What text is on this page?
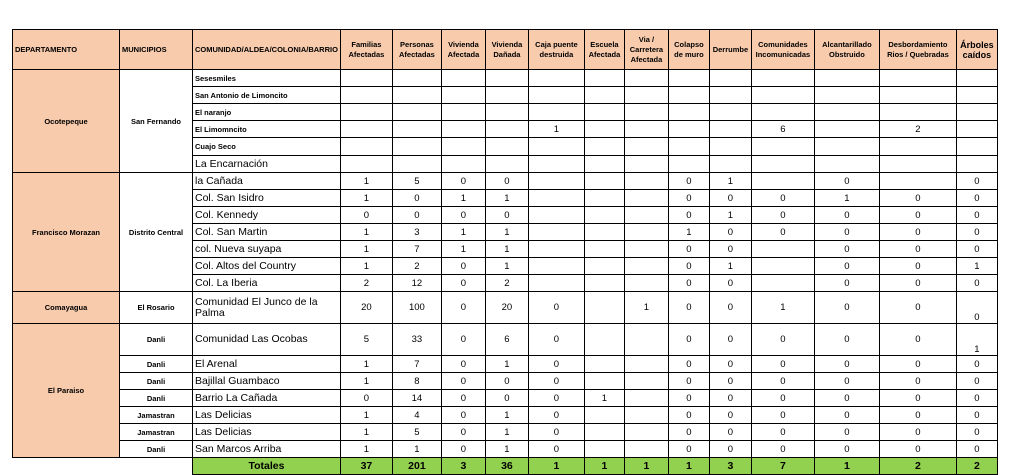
DEPARTAMENTO	MUNICIPIOS	COMUNIDAD/ALDEA/COLONIA/BARRIO	Familias Afectadas	Personas Afectadas	Vivienda Afectada	Vivienda Dañada	Caja puente destruida	Escuela Afectada	Via / Carretera Afectada	Colapso de muro	Derrumbe	Comunidades Incomunicadas	Alcantarillado Obstruido	Desbordamiento Rios / Quebradas	Árboles caídos
Ocotepeque	San Fernando	Sesesmiles													
		San Antonio de Limoncito													
		El naranjo													
		El Limomncito					1					6		2	
		Cuajo Seco													
		La Encarnación													
Francisco Morazan	Distrito Central	la Cañada	1	5	0	0				0	1		0		0
		Col. San Isidro	1	0	1	1				0	0	0	1	0	0
		Col. Kennedy	0	0	0	0				0	1	0	0	0	0
		Col. San Martin	1	3	1	1				1	0	0	0	0	0
		col. Nueva suyapa	1	7	1	1				0	0		0	0	0
		Col. Altos del Country	1	2	0	1				0	1		0	0	1
		Col. La Iberia	2	12	0	2				0	0		0	0	0
Comayagua	El Rosario	Comunidad El Junco de la Palma	20	100	0	20	0		1	0	0	1	0	0	0
El Paraiso	Danli	Comunidad Las Ocobas	5	33	0	6	0			0	0	0	0	0	1
	Danli	El Arenal	1	7	0	1	0			0	0	0	0	0	0
	Danli	Bajillal Guambaco	1	8	0	0	0			0	0	0	0	0	0
	Danli	Barrio La Cañada	0	14	0	0	0	1		0	0	0	0	0	0
	Jamastran	Las Delicias	1	4	0	1	0			0	0	0	0	0	0
	Jamastran	Las Delicias	1	5	0	1	0			0	0	0	0	0	0
	Danli	San Marcos Arriba	1	1	0	1	0			0	0	0	0	0	0
		Totales	37	201	3	36	1	1	1	1	3	7	1	2	2
